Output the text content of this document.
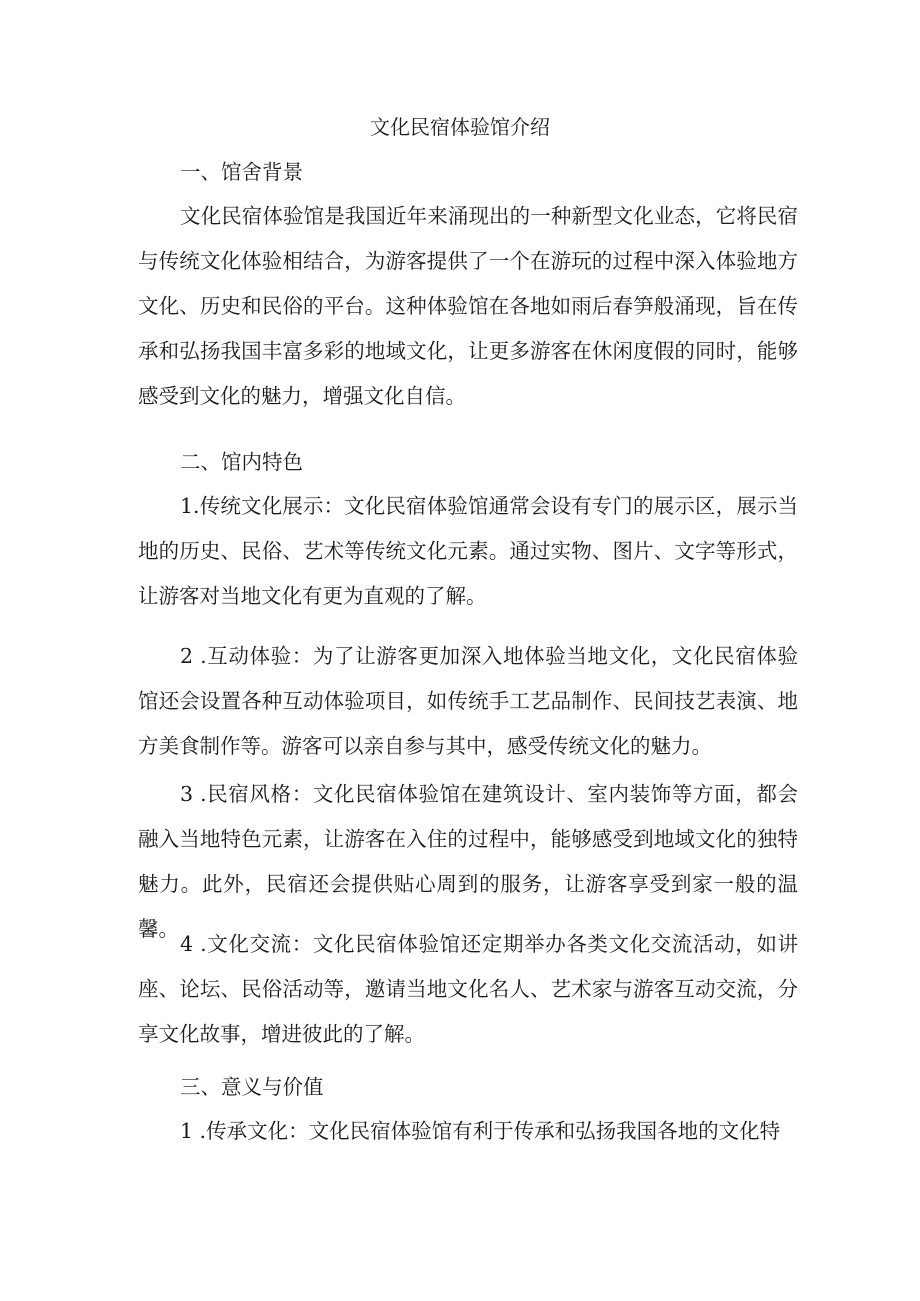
文化民宿体验馆介绍
一、馆舍背景
文化民宿体验馆是我国近年来涌现出的一种新型文化业态，它将民宿与传统文化体验相结合，为游客提供了一个在游玩的过程中深入体验地方文化、历史和民俗的平台。这种体验馆在各地如雨后春笋般涌现，旨在传承和弘扬我国丰富多彩的地域文化，让更多游客在休闲度假的同时，能够感受到文化的魅力，增强文化自信。
二、馆内特色
1.传统文化展示：文化民宿体验馆通常会设有专门的展示区，展示当地的历史、民俗、艺术等传统文化元素。通过实物、图片、文字等形式，让游客对当地文化有更为直观的了解。
2 .互动体验：为了让游客更加深入地体验当地文化，文化民宿体验馆还会设置各种互动体验项目，如传统手工艺品制作、民间技艺表演、地方美食制作等。游客可以亲自参与其中，感受传统文化的魅力。
3 .民宿风格：文化民宿体验馆在建筑设计、室内装饰等方面，都会融入当地特色元素，让游客在入住的过程中，能够感受到地域文化的独特魅力。此外，民宿还会提供贴心周到的服务，让游客享受到家一般的温馨。
4 .文化交流：文化民宿体验馆还定期举办各类文化交流活动，如讲座、论坛、民俗活动等，邀请当地文化名人、艺术家与游客互动交流，分享文化故事，增进彼此的了解。
三、意义与价值
1 .传承文化：文化民宿体验馆有利于传承和弘扬我国各地的文化特
